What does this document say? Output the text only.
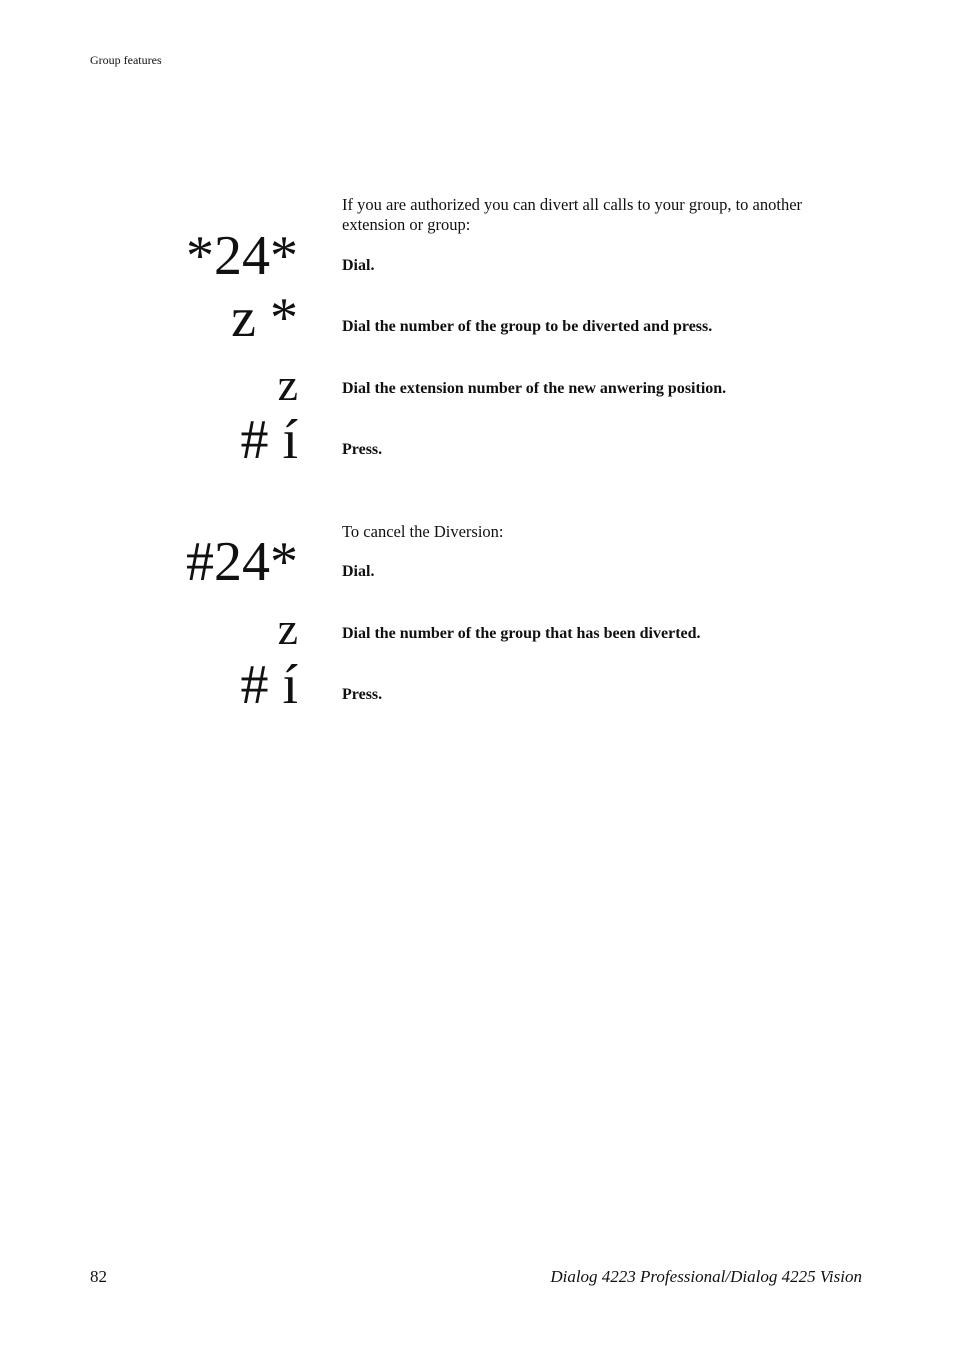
Group features
If you are authorized you can divert all calls to your group, to another extension or group:
*24*	Dial.
z *	Dial the number of the group to be diverted and press.
z	Dial the extension number of the new anwering position.
# í	Press.
To cancel the Diversion:
#24*	Dial.
z	Dial the number of the group that has been diverted.
# í	Press.
82	Dialog 4223 Professional/Dialog 4225 Vision
